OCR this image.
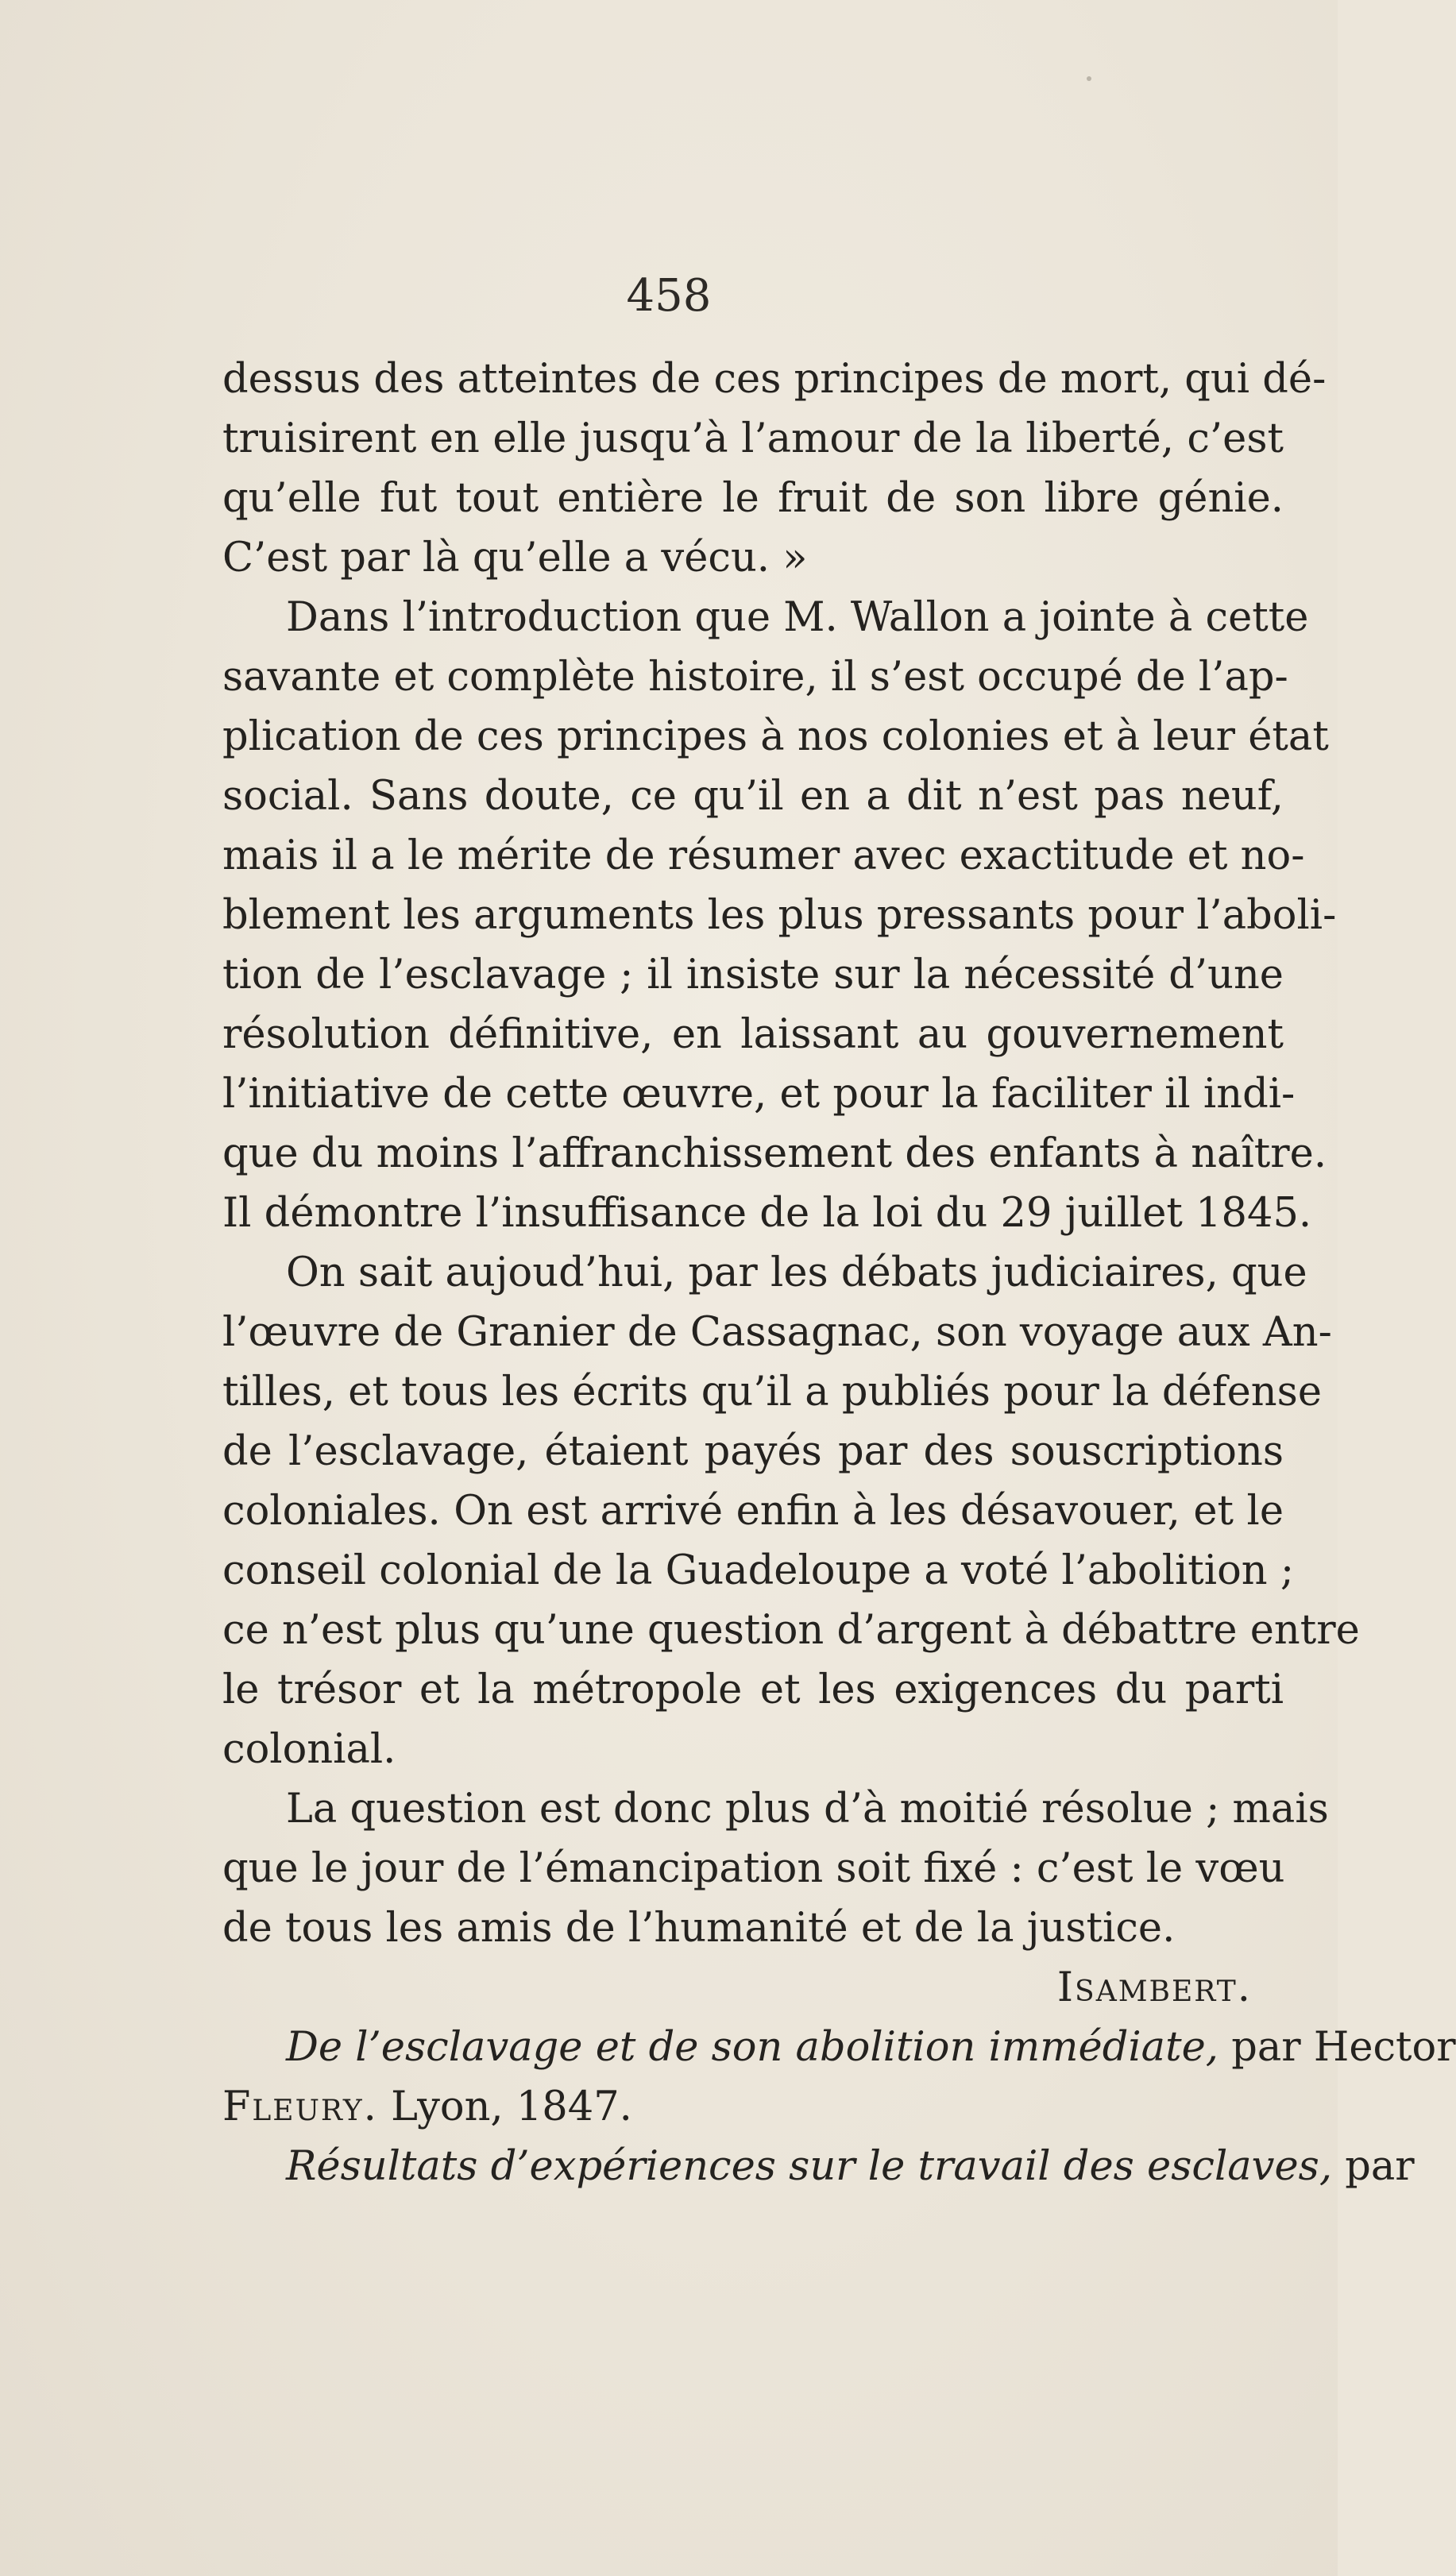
458

dessus des atteintes de ces principes de mort, qui dé-
truisirent en elle jusqu’à l’amour de la liberté, c’est
qu’elle fut tout entière le fruit de son libre génie.
C’est par là qu’elle a vécu. »
Dans l’introduction que M. Wallon a jointe à cette
savante et complète histoire, il s’est occupé de l’ap-
plication de ces principes à nos colonies et à leur état
social. Sans doute, ce qu’il en a dit n’est pas neuf,
mais il a le mérite de résumer avec exactitude et no-
blement les arguments les plus pressants pour l’aboli-
tion de l’esclavage ; il insiste sur la nécessité d’une
résolution définitive, en laissant au gouvernement
l’initiative de cette œuvre, et pour la faciliter il indi-
que du moins l’affranchissement des enfants à naître.
Il démontre l’insuffisance de la loi du 29 juillet 1845.
On sait aujoud’hui, par les débats judiciaires, que
l’œuvre de Granier de Cassagnac, son voyage aux An-
tilles, et tous les écrits qu’il a publiés pour la défense
de l’esclavage, étaient payés par des souscriptions
coloniales. On est arrivé enfin à les désavouer, et le
conseil colonial de la Guadeloupe a voté l’abolition ;
ce n’est plus qu’une question d’argent à débattre entre
le trésor et la métropole et les exigences du parti
colonial.
La question est donc plus d’à moitié résolue ; mais
que le jour de l’émancipation soit fixé : c’est le vœu
de tous les amis de l’humanité et de la justice.
Isambert.
De l’esclavage et de son abolition immédiate, par Hector
Fleury. Lyon, 1847.
Résultats d’expériences sur le travail des esclaves, par
